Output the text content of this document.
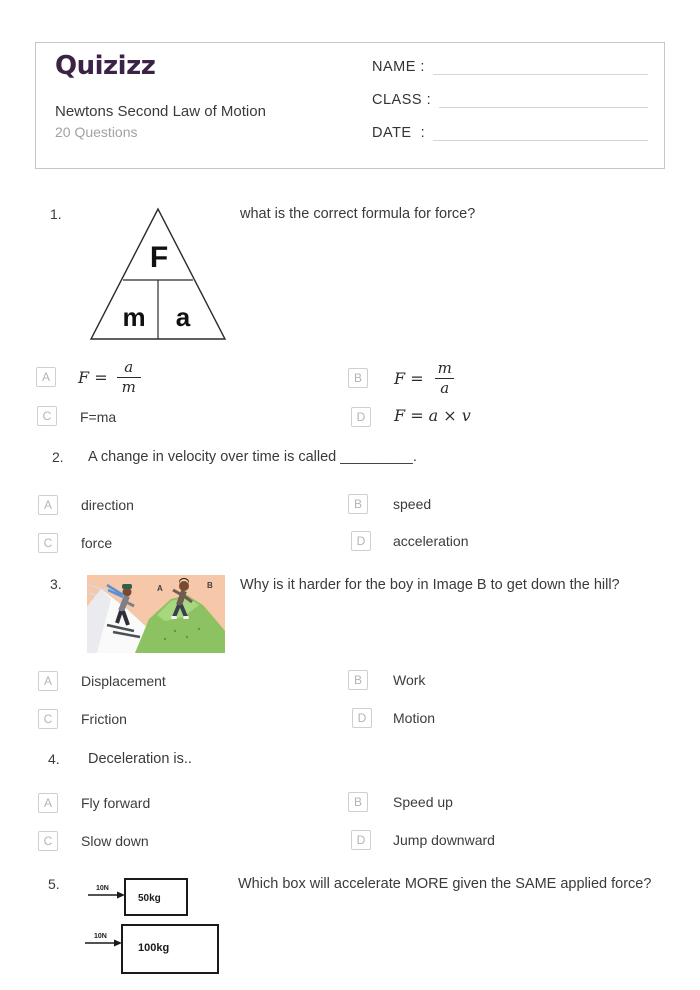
Quizizz
Newtons Second Law of Motion
20 Questions
NAME :
CLASS :
DATE  :
1.
F
m a
what is the correct formula for force?
A	$F = \frac{a}{m}$	B	$F = \frac{m}{a}$
C	F=ma	D	F = a × v
2. A change in velocity over time is called _________.
A	direction	B	speed
C	force	D	acceleration
3.	A	B Why is it harder for the boy in Image B to get down the hill?
A	Displacement	B	Work
C	Friction	D	Motion
4. Deceleration is..
A	Fly forward	B	Speed up
C	Slow down	D	Jump downward
5.	10N
50kg
10N
100kg
Which box will accelerate MORE given the SAME applied force?
